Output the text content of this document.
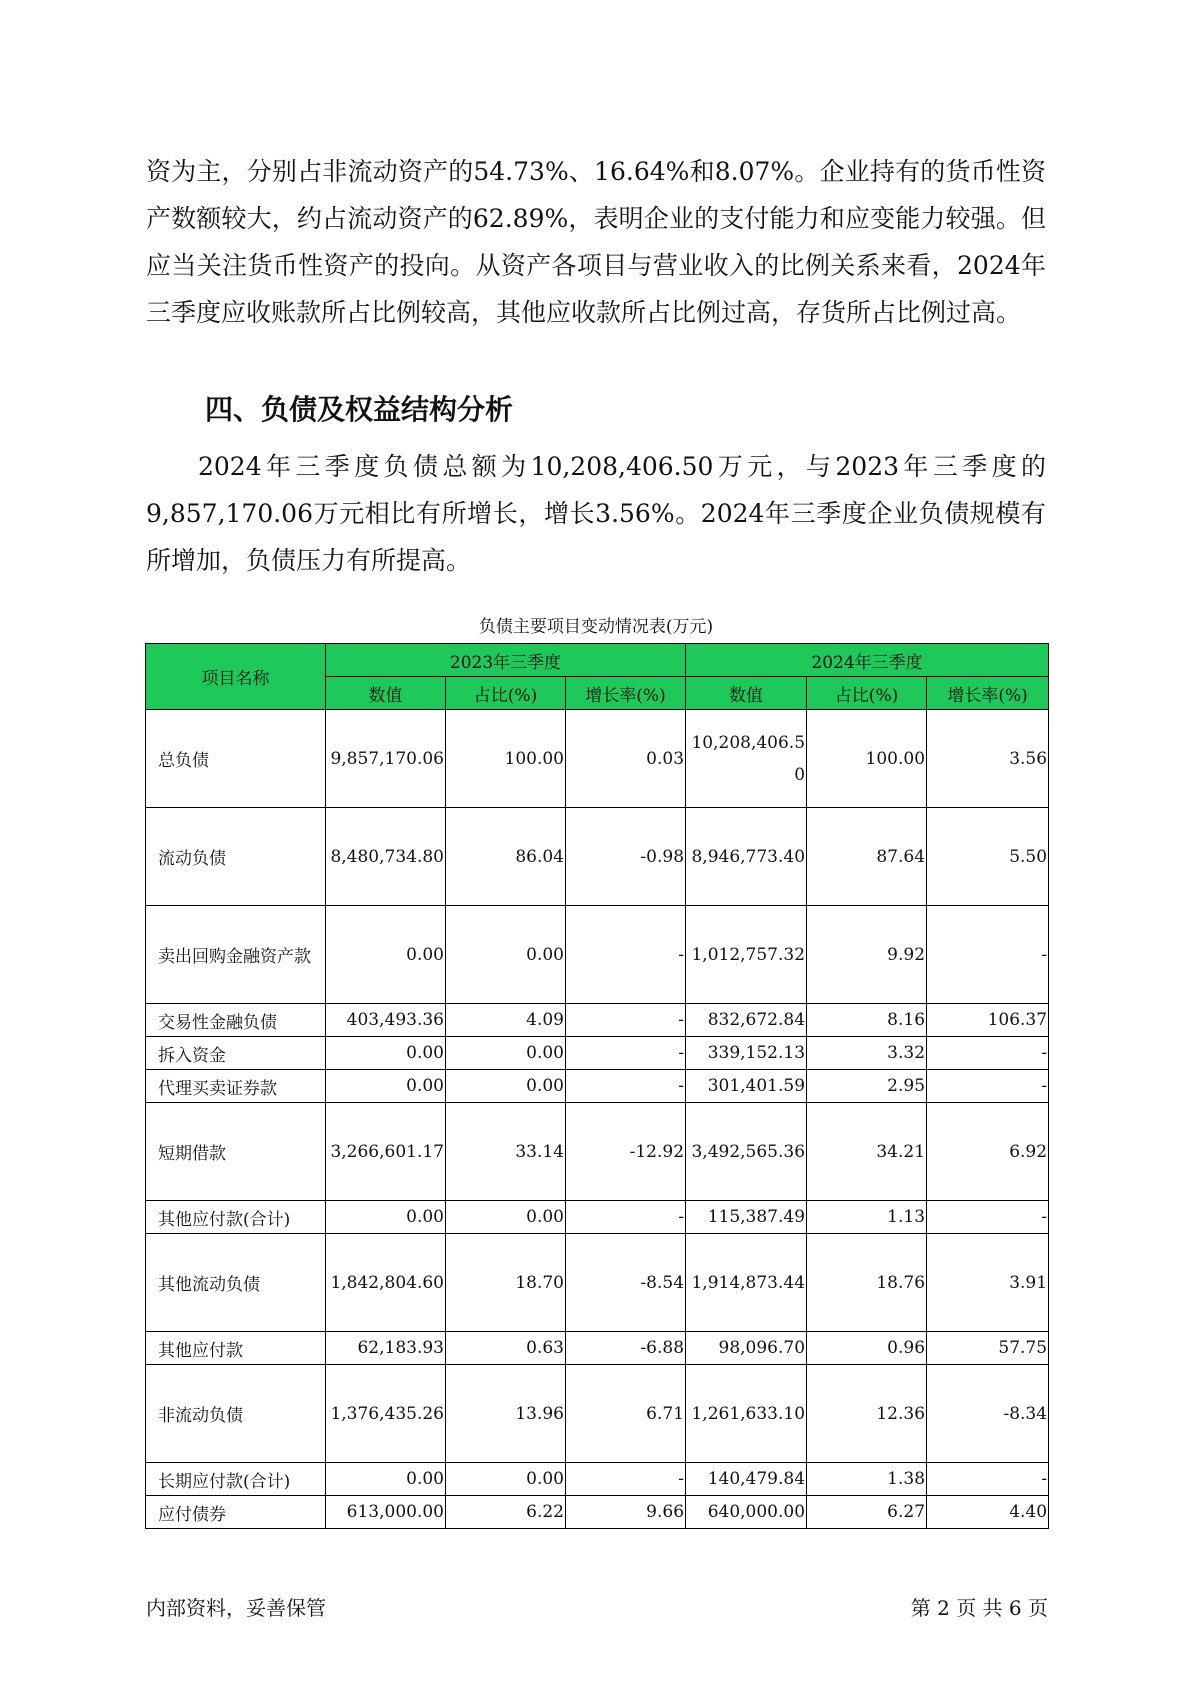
资为主，分别占非流动资产的54.73%、16.64%和8.07%。企业持有的货币性资产数额较大，约占流动资产的62.89%，表明企业的支付能力和应变能力较强。但应当关注货币性资产的投向。从资产各项目与营业收入的比例关系来看，2024年三季度应收账款所占比例较高，其他应收款所占比例过高，存货所占比例过高。

四、负债及权益结构分析

2024年三季度负债总额为10,208,406.50万元，与2023年三季度的9,857,170.06万元相比有所增长，增长3.56%。2024年三季度企业负债规模有所增加，负债压力有所提高。

负债主要项目变动情况表(万元)
项目名称	2023年三季度			2024年三季度		
	数值	占比(%)	增长率(%)	数值	占比(%)	增长率(%)
总负债	9,857,170.06	100.00	0.03	10,208,406.50	100.00	3.56
流动负债	8,480,734.80	86.04	-0.98	8,946,773.40	87.64	5.50
卖出回购金融资产款	0.00	0.00	-	1,012,757.32	9.92	-
交易性金融负债	403,493.36	4.09	-	832,672.84	8.16	106.37
拆入资金	0.00	0.00	-	339,152.13	3.32	-
代理买卖证券款	0.00	0.00	-	301,401.59	2.95	-
短期借款	3,266,601.17	33.14	-12.92	3,492,565.36	34.21	6.92
其他应付款(合计)	0.00	0.00	-	115,387.49	1.13	-
其他流动负债	1,842,804.60	18.70	-8.54	1,914,873.44	18.76	3.91
其他应付款	62,183.93	0.63	-6.88	98,096.70	0.96	57.75
非流动负债	1,376,435.26	13.96	6.71	1,261,633.10	12.36	-8.34
长期应付款(合计)	0.00	0.00	-	140,479.84	1.38	-
应付债券	613,000.00	6.22	9.66	640,000.00	6.27	4.40
内部资料，妥善保管	第 2 页 共 6 页
